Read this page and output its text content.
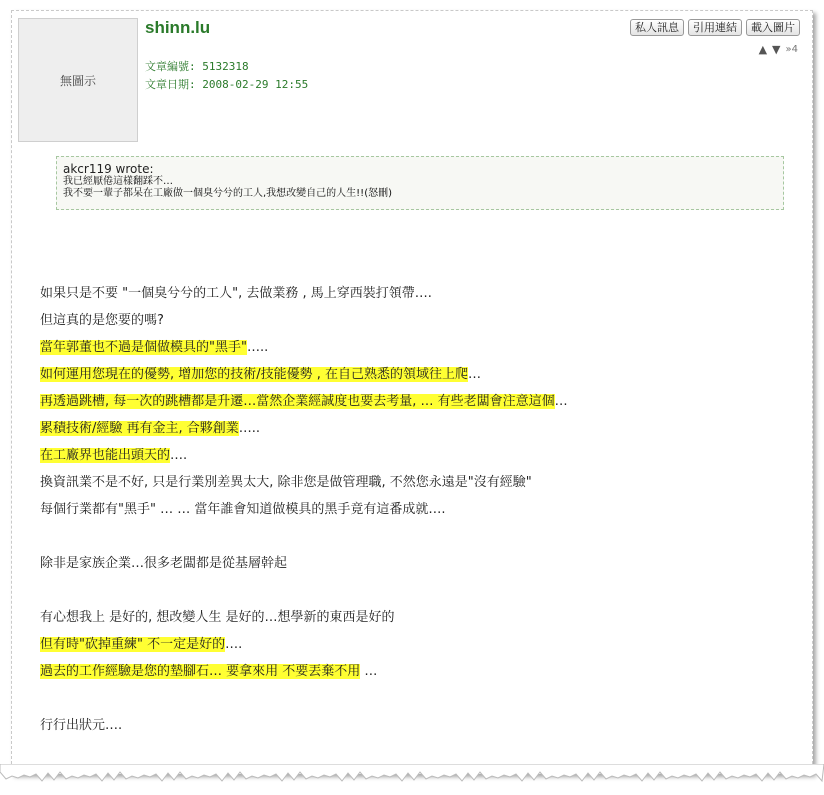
無圖示
shinn.lu
文章編號: 5132318
文章日期: 2008-02-29 12:55
私人訊息	引用連結	載入圖片
▲ ▼ »4
akcr119 wrote:
我已經厭倦這樣翻踩不…
我不要一輩子都呆在工廠做一個臭兮兮的工人,我想改變自己的人生!!(怒刪)
如果只是不要 "一個臭兮兮的工人", 去做業務 , 馬上穿西裝打領帶….
但這真的是您要的嗎?
當年郭董也不過是個做模具的"黑手"…..
如何運用您現在的優勢, 增加您的技術/技能優勢 , 在自己熟悉的領域往上爬…
再透過跳槽, 每一次的跳槽都是升遷…當然企業經誠度也要去考量, … 有些老闆會注意這個…
累積技術/經驗 再有金主, 合夥創業…..
在工廠界也能出頭天的….
換資訊業不是不好, 只是行業別差異太大, 除非您是做管理職, 不然您永遠是"沒有經驗"
每個行業都有"黑手" … … 當年誰會知道做模具的黑手竟有這番成就….
除非是家族企業…很多老闆都是從基層幹起
有心想我上 是好的, 想改變人生 是好的…想學新的東西是好的
但有時"砍掉重練" 不一定是好的….
過去的工作經驗是您的墊腳石… 要拿來用 不要丟棄不用 …
行行出狀元….
